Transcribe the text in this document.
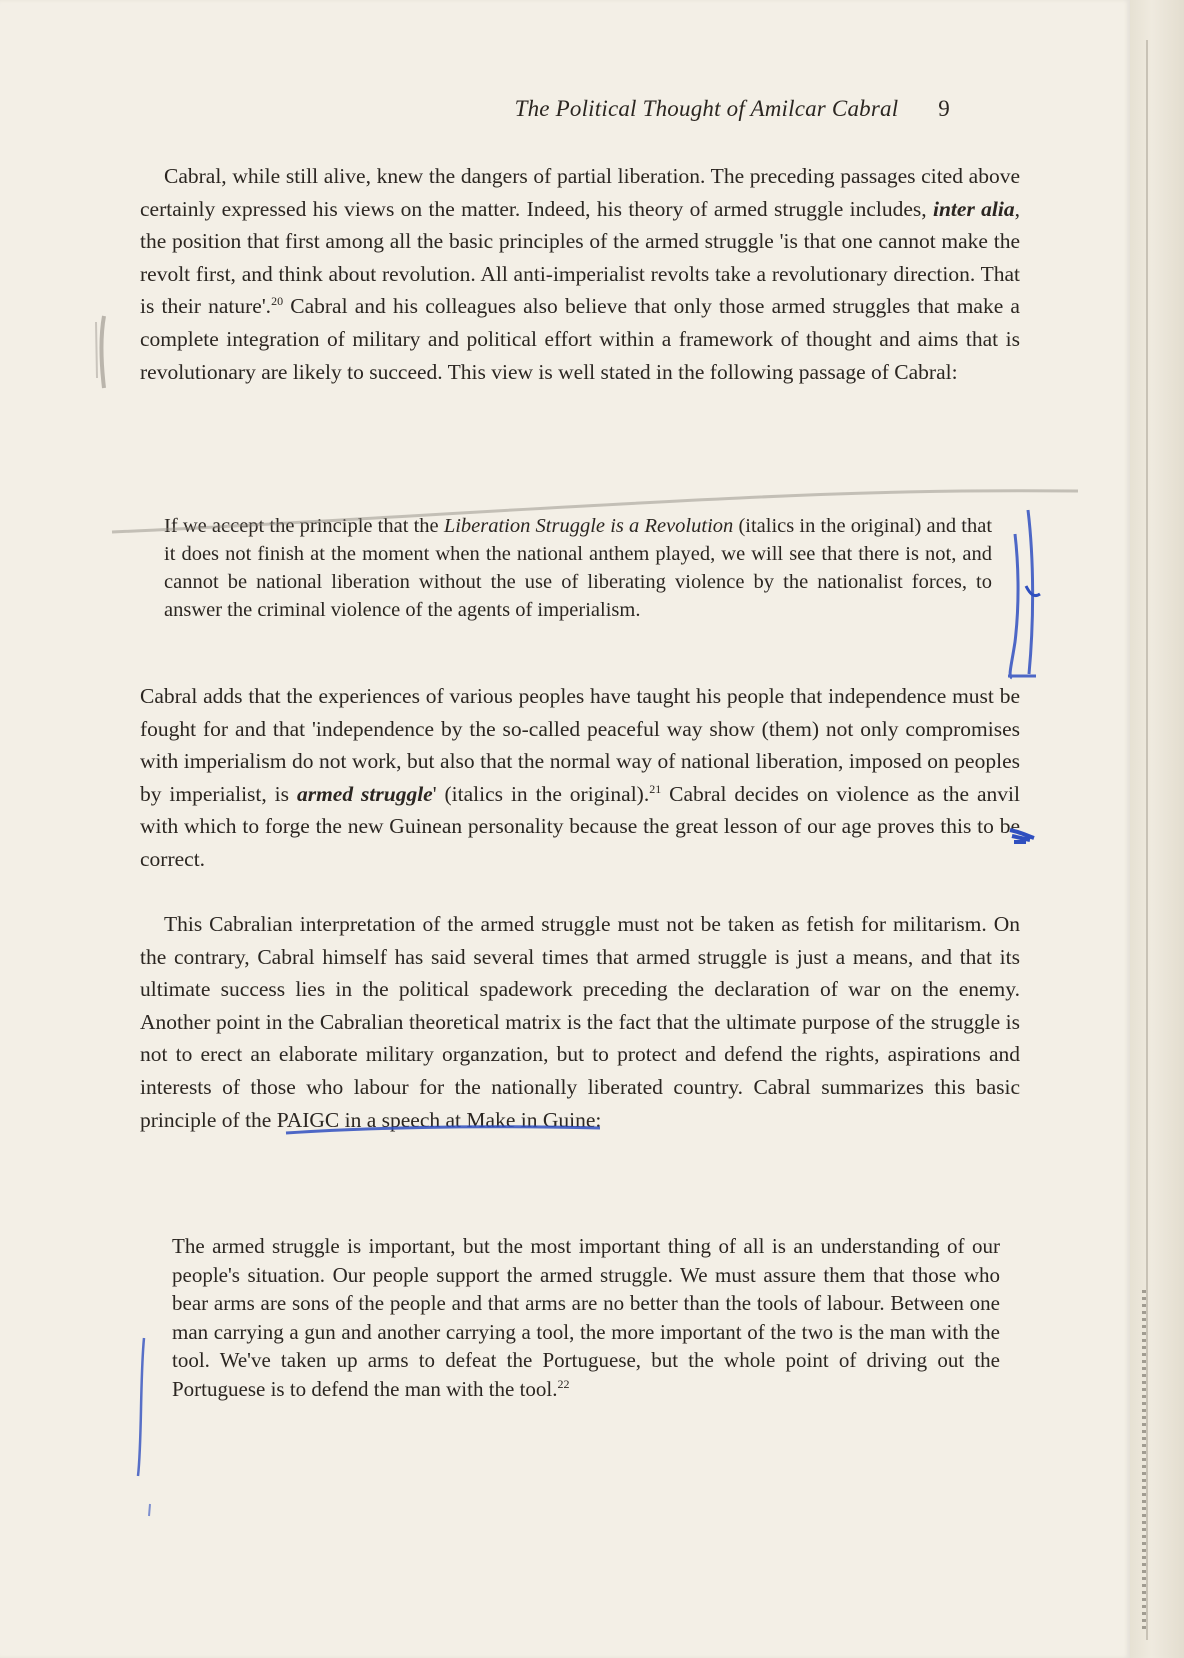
The Political Thought of Amilcar Cabral 9

Cabral, while still alive, knew the dangers of partial liberation. The preceding passages cited above certainly expressed his views on the matter. Indeed, his theory of armed struggle includes, inter alia, the position that first among all the basic principles of the armed struggle 'is that one cannot make the revolt first, and think about revolution. All anti-imperialist revolts take a revolutionary direction. That is their nature'.$^{20}$ Cabral and his colleagues also believe that only those armed struggles that make a complete integration of military and political effort within a framework of thought and aims that is revolutionary are likely to succeed. This view is well stated in the following passage of Cabral:

If we accept the principle that the Liberation Struggle is a Revolution (italics in the original) and that it does not finish at the moment when the national anthem played, we will see that there is not, and cannot be national liberation without the use of liberating violence by the nationalist forces, to answer the criminal violence of the agents of imperialism.

Cabral adds that the experiences of various peoples have taught his people that independence must be fought for and that 'independence by the so-called peaceful way show (them) not only compromises with imperialism do not work, but also that the normal way of national liberation, imposed on peoples by imperialist, is armed struggle' (italics in the original).$^{21}$ Cabral decides on violence as the anvil with which to forge the new Guinean personality because the great lesson of our age proves this to be correct.

This Cabralian interpretation of the armed struggle must not be taken as fetish for militarism. On the contrary, Cabral himself has said several times that armed struggle is just a means, and that its ultimate success lies in the political spadework preceding the declaration of war on the enemy. Another point in the Cabralian theoretical matrix is the fact that the ultimate purpose of the struggle is not to erect an elaborate military organzation, but to protect and defend the rights, aspirations and interests of those who labour for the nationally liberated country. Cabral summarizes this basic principle of the PAIGC in a speech at Make in Guine:

The armed struggle is important, but the most important thing of all is an understanding of our people's situation. Our people support the armed struggle. We must assure them that those who bear arms are sons of the people and that arms are no better than the tools of labour. Between one man carrying a gun and another carrying a tool, the more important of the two is the man with the tool. We've taken up arms to defeat the Portuguese, but the whole point of driving out the Portuguese is to defend the man with the tool.$^{22}$
